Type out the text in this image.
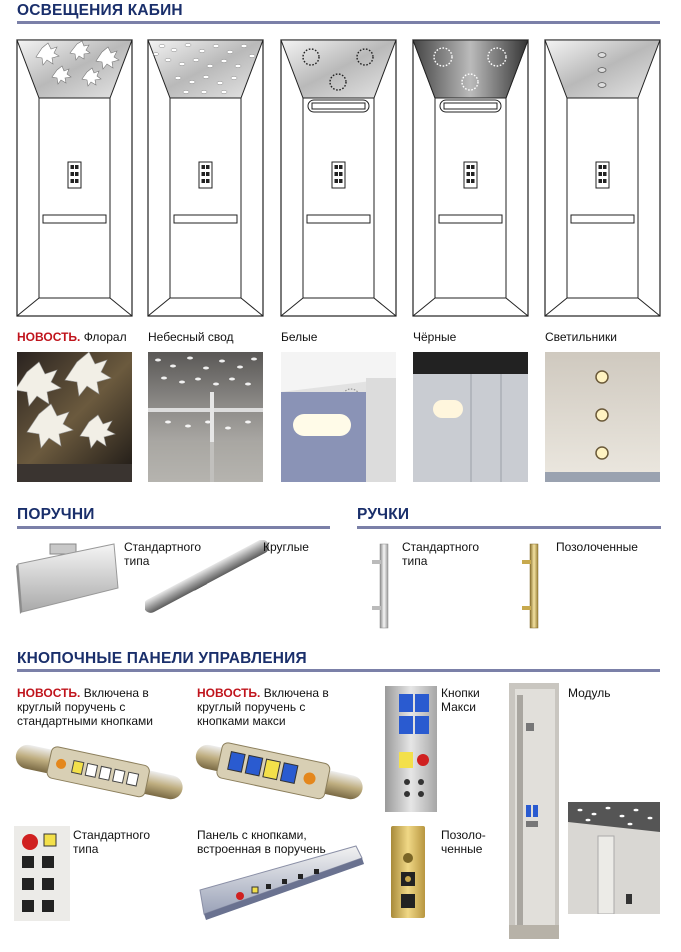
ОСВЕЩЕНИЯ КАБИН
НОВОСТЬ. Флорал Небесный свод	Белые	Чёрные	Светильники
ПОРУЧНИ	РУЧКИ
Стандартного типа
Круглые	Стандартного типа
Позолоченные
КНОПОЧНЫЕ ПАНЕЛИ УПРАВЛЕНИЯ
НОВОСТЬ. Включена в круглый поручень с стандартными кнопками
НОВОСТЬ. Включена в круглый поручень с кнопками макси
Кнопки Макси
Модуль
Стандартного типа
Панель с кнопками, встроенная в поручень
Позоло-ченные
